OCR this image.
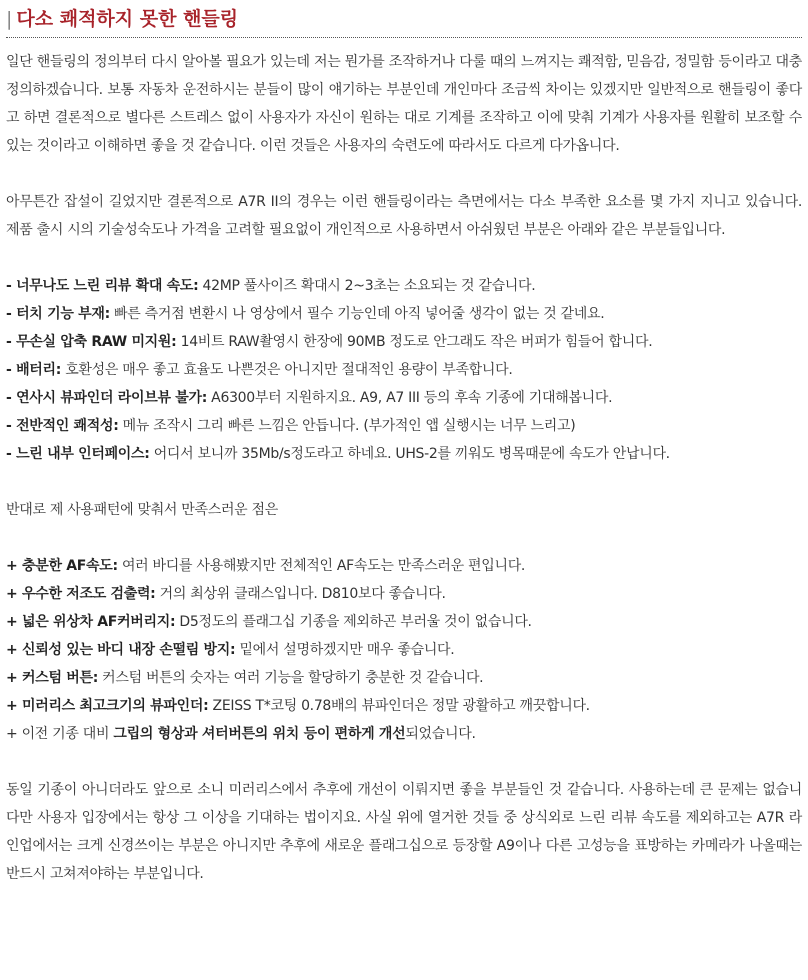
| 다소 쾌적하지 못한 핸들링

일단 핸들링의 정의부터 다시 알아볼 필요가 있는데 저는 뭔가를 조작하거나 다룰 때의 느껴지는 쾌적함, 믿음감, 정밀함 등이라고 대충 정의하겠습니다. 보통 자동차 운전하시는 분들이 많이 얘기하는 부분인데 개인마다 조금씩 차이는 있겠지만 일반적으로 핸들링이 좋다고 하면 결론적으로 별다른 스트레스 없이 사용자가 자신이 원하는 대로 기계를 조작하고 이에 맞춰 기계가 사용자를 원활히 보조할 수 있는 것이라고 이해하면 좋을 것 같습니다. 이런 것들은 사용자의 숙련도에 따라서도 다르게 다가옵니다.

아무튼간 잡설이 길었지만 결론적으로 A7R II의 경우는 이런 핸들링이라는 측면에서는 다소 부족한 요소를 몇 가지 지니고 있습니다. 제품 출시 시의 기술성숙도나 가격을 고려할 필요없이 개인적으로 사용하면서 아쉬웠던 부분은 아래와 같은 부분들입니다.

- 너무나도 느린 리뷰 확대 속도: 42MP 풀사이즈 확대시 2~3초는 소요되는 것 같습니다.
- 터치 기능 부재: 빠른 측거점 변환시 나 영상에서 필수 기능인데 아직 넣어줄 생각이 없는 것 같네요.
- 무손실 압축 RAW 미지원: 14비트 RAW촬영시 한장에 90MB 정도로 안그래도 작은 버퍼가 힘들어 합니다.
- 배터리: 호환성은 매우 좋고 효율도 나쁜것은 아니지만 절대적인 용량이 부족합니다.
- 연사시 뷰파인더 라이브뷰 불가: A6300부터 지원하지요. A9, A7 III 등의 후속 기종에 기대해봅니다.
- 전반적인 쾌적성: 메뉴 조작시 그리 빠른 느낌은 안듭니다. (부가적인 앱 실행시는 너무 느리고)
- 느린 내부 인터페이스: 어디서 보니까 35Mb/s정도라고 하네요. UHS-2를 끼워도 병목때문에 속도가 안납니다.

반대로 제 사용패턴에 맞춰서 만족스러운 점은

+ 충분한 AF속도: 여러 바디를 사용해봤지만 전체적인 AF속도는 만족스러운 편입니다.
+ 우수한 저조도 검출력: 거의 최상위 클래스입니다. D810보다 좋습니다.
+ 넓은 위상차 AF커버리지: D5정도의 플래그십 기종을 제외하곤 부러울 것이 없습니다.
+ 신뢰성 있는 바디 내장 손떨림 방지: 밑에서 설명하겠지만 매우 좋습니다.
+ 커스텀 버튼: 커스텀 버튼의 숫자는 여러 기능을 할당하기 충분한 것 같습니다.
+ 미러리스 최고크기의 뷰파인더: ZEISS T*코팅 0.78배의 뷰파인더은 정말 광활하고 깨끗합니다.
+ 이전 기종 대비 그립의 형상과 셔터버튼의 위치 등이 편하게 개선되었습니다.

동일 기종이 아니더라도 앞으로 소니 미러리스에서 추후에 개선이 이뤄지면 좋을 부분들인 것 같습니다. 사용하는데 큰 문제는 없습니다만 사용자 입장에서는 항상 그 이상을 기대하는 법이지요. 사실 위에 열거한 것들 중 상식외로 느린 리뷰 속도를 제외하고는 A7R 라인업에서는 크게 신경쓰이는 부분은 아니지만 추후에 새로운 플래그십으로 등장할 A9이나 다른 고성능을 표방하는 카메라가 나올때는 반드시 고쳐져야하는 부분입니다.
